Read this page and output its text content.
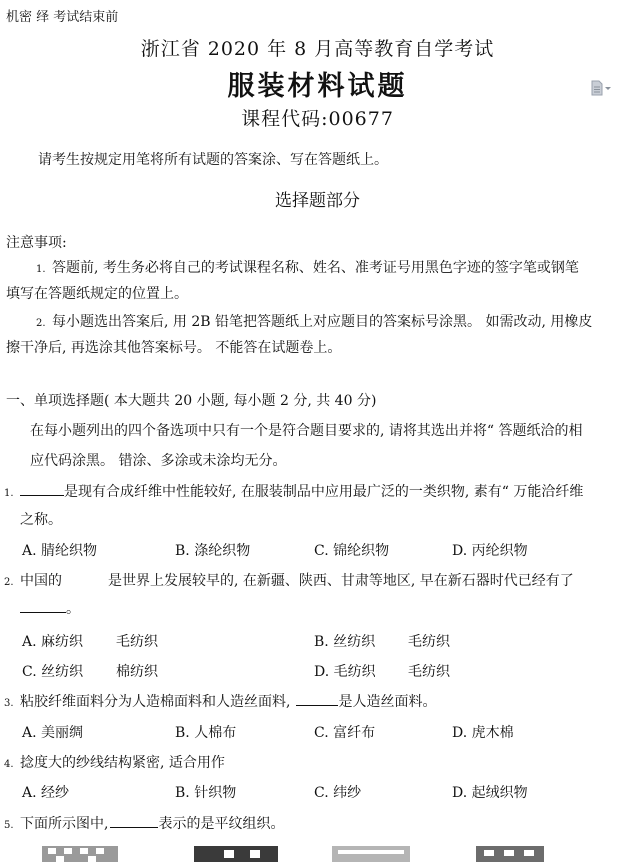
机密 绎 考试结束前
浙江省 2020 年 8 月高等教育自学考试
服装材料试题
课程代码:00677
请考生按规定用笔将所有试题的答案涂、写在答题纸上。
选择题部分
注意事项:
1. 答题前, 考生务必将自己的考试课程名称、姓名、准考证号用黑色字迹的签字笔或钢笔
填写在答题纸规定的位置上。
2. 每小题选出答案后, 用 2B 铅笔把答题纸上对应题目的答案标号涂黑。 如需改动, 用橡皮
擦干净后, 再选涂其他答案标号。 不能答在试题卷上。
一、单项选择题( 本大题共 20 小题, 每小题 2 分, 共 40 分)
在每小题列出的四个备选项中只有一个是符合题目要求的, 请将其选出并将“ 答题纸洽的相
应代码涂黑。 错涂、多涂或未涂均无分。
1.	是现有合成纤维中性能较好, 在服装制品中应用最广泛的一类织物, 素有“ 万能洽纤维
之称。
A. 腈纶织物	B. 涤纶织物	C. 锦纶织物	D. 丙纶织物
2. 中国的	是世界上发展较早的, 在新疆、陕西、甘肃等地区, 早在新石器时代已经有了
。
A. 麻纺织 毛纺织	B. 丝纺织 毛纺织
C. 丝纺织 棉纺织	D. 毛纺织 毛纺织
3. 粘胶纤维面料分为人造棉面料和人造丝面料,	是人造丝面料。
A. 美丽绸	B. 人棉布	C. 富纤布	D. 虎木棉
4. 捻度大的纱线结构紧密, 适合用作
A. 经纱	B. 针织物	C. 纬纱	D. 起绒织物
5. 下面所示图中,	表示的是平纹组织。
